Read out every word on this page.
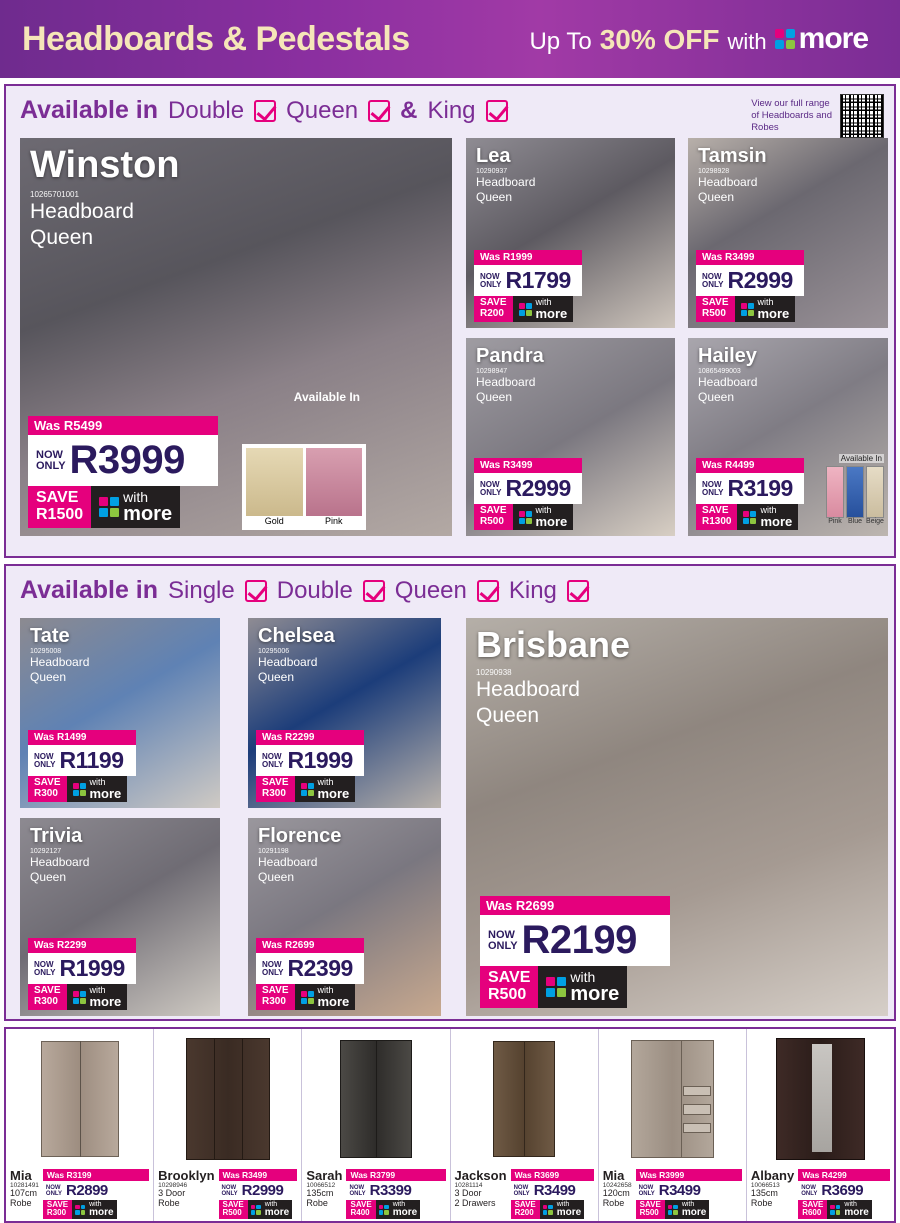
Headboards & Pedestals	Up To 30% OFF with more
Available in Double Queen & King	View our full range
of Headboards and
Robes
Winston
10265701001
Headboard
Queen
Gold	Pink
Available In
Was R5499
NOW
ONLY R3999
SAVE
R1500
with
more
Lea
10290937
Headboard
Queen
Was R1999
NOW
ONLY R1799
SAVE
R200
with
more
Tamsin
10298928
Headboard
Queen
Was R3499
NOW
ONLY R2999
SAVE
R500
with
more
Pandra
10298947
Headboard
Queen
Was R3499
NOW
ONLY R2999
SAVE
R500
with
more
Hailey
10865499003
Headboard
Queen
Available In
Pink Blue Beige
Was R4499
NOW
ONLY R3199
SAVE
R1300
with
more
Available in Single Double Queen King
Tate
10295008
Headboard
Queen
Was R1499
NOW
ONLY R1199
SAVE
R300
with
more
Chelsea
10295006
Headboard
Queen
Was R2299
NOW
ONLY R1999
SAVE
R300
with
more
Trivia
10292127
Headboard
Queen
Was R2299
NOW
ONLY R1999
SAVE
R300
with
more
Florence
10291198
Headboard
Queen
Was R2699
NOW
ONLY R2399
SAVE
R300
with
more
Brisbane
10290938
Headboard
Queen
Was R2699
NOW
ONLY R2199
SAVE
R500
with
more
Mia
10281491
107cm
Robe
Was R3199
NOW
ONLY R2899
SAVE
R300
with
more
Brooklyn
10298946
3 Door
Robe
Was R3499
NOW
ONLY R2999
SAVE
R500
with
more
Sarah
10066512
135cm
Robe
Was R3799
NOW
ONLY R3399
SAVE
R400
with
more
Jackson
10281114
3 Door
2 Drawers
Was R3699
NOW
ONLY R3499
SAVE
R200
with
more
Mia
10242658
120cm
Robe
Was R3999
NOW
ONLY R3499
SAVE
R500
with
more
Albany
10066513
135cm
Robe
Was R4299
NOW
ONLY R3699
SAVE
R600
with
more
